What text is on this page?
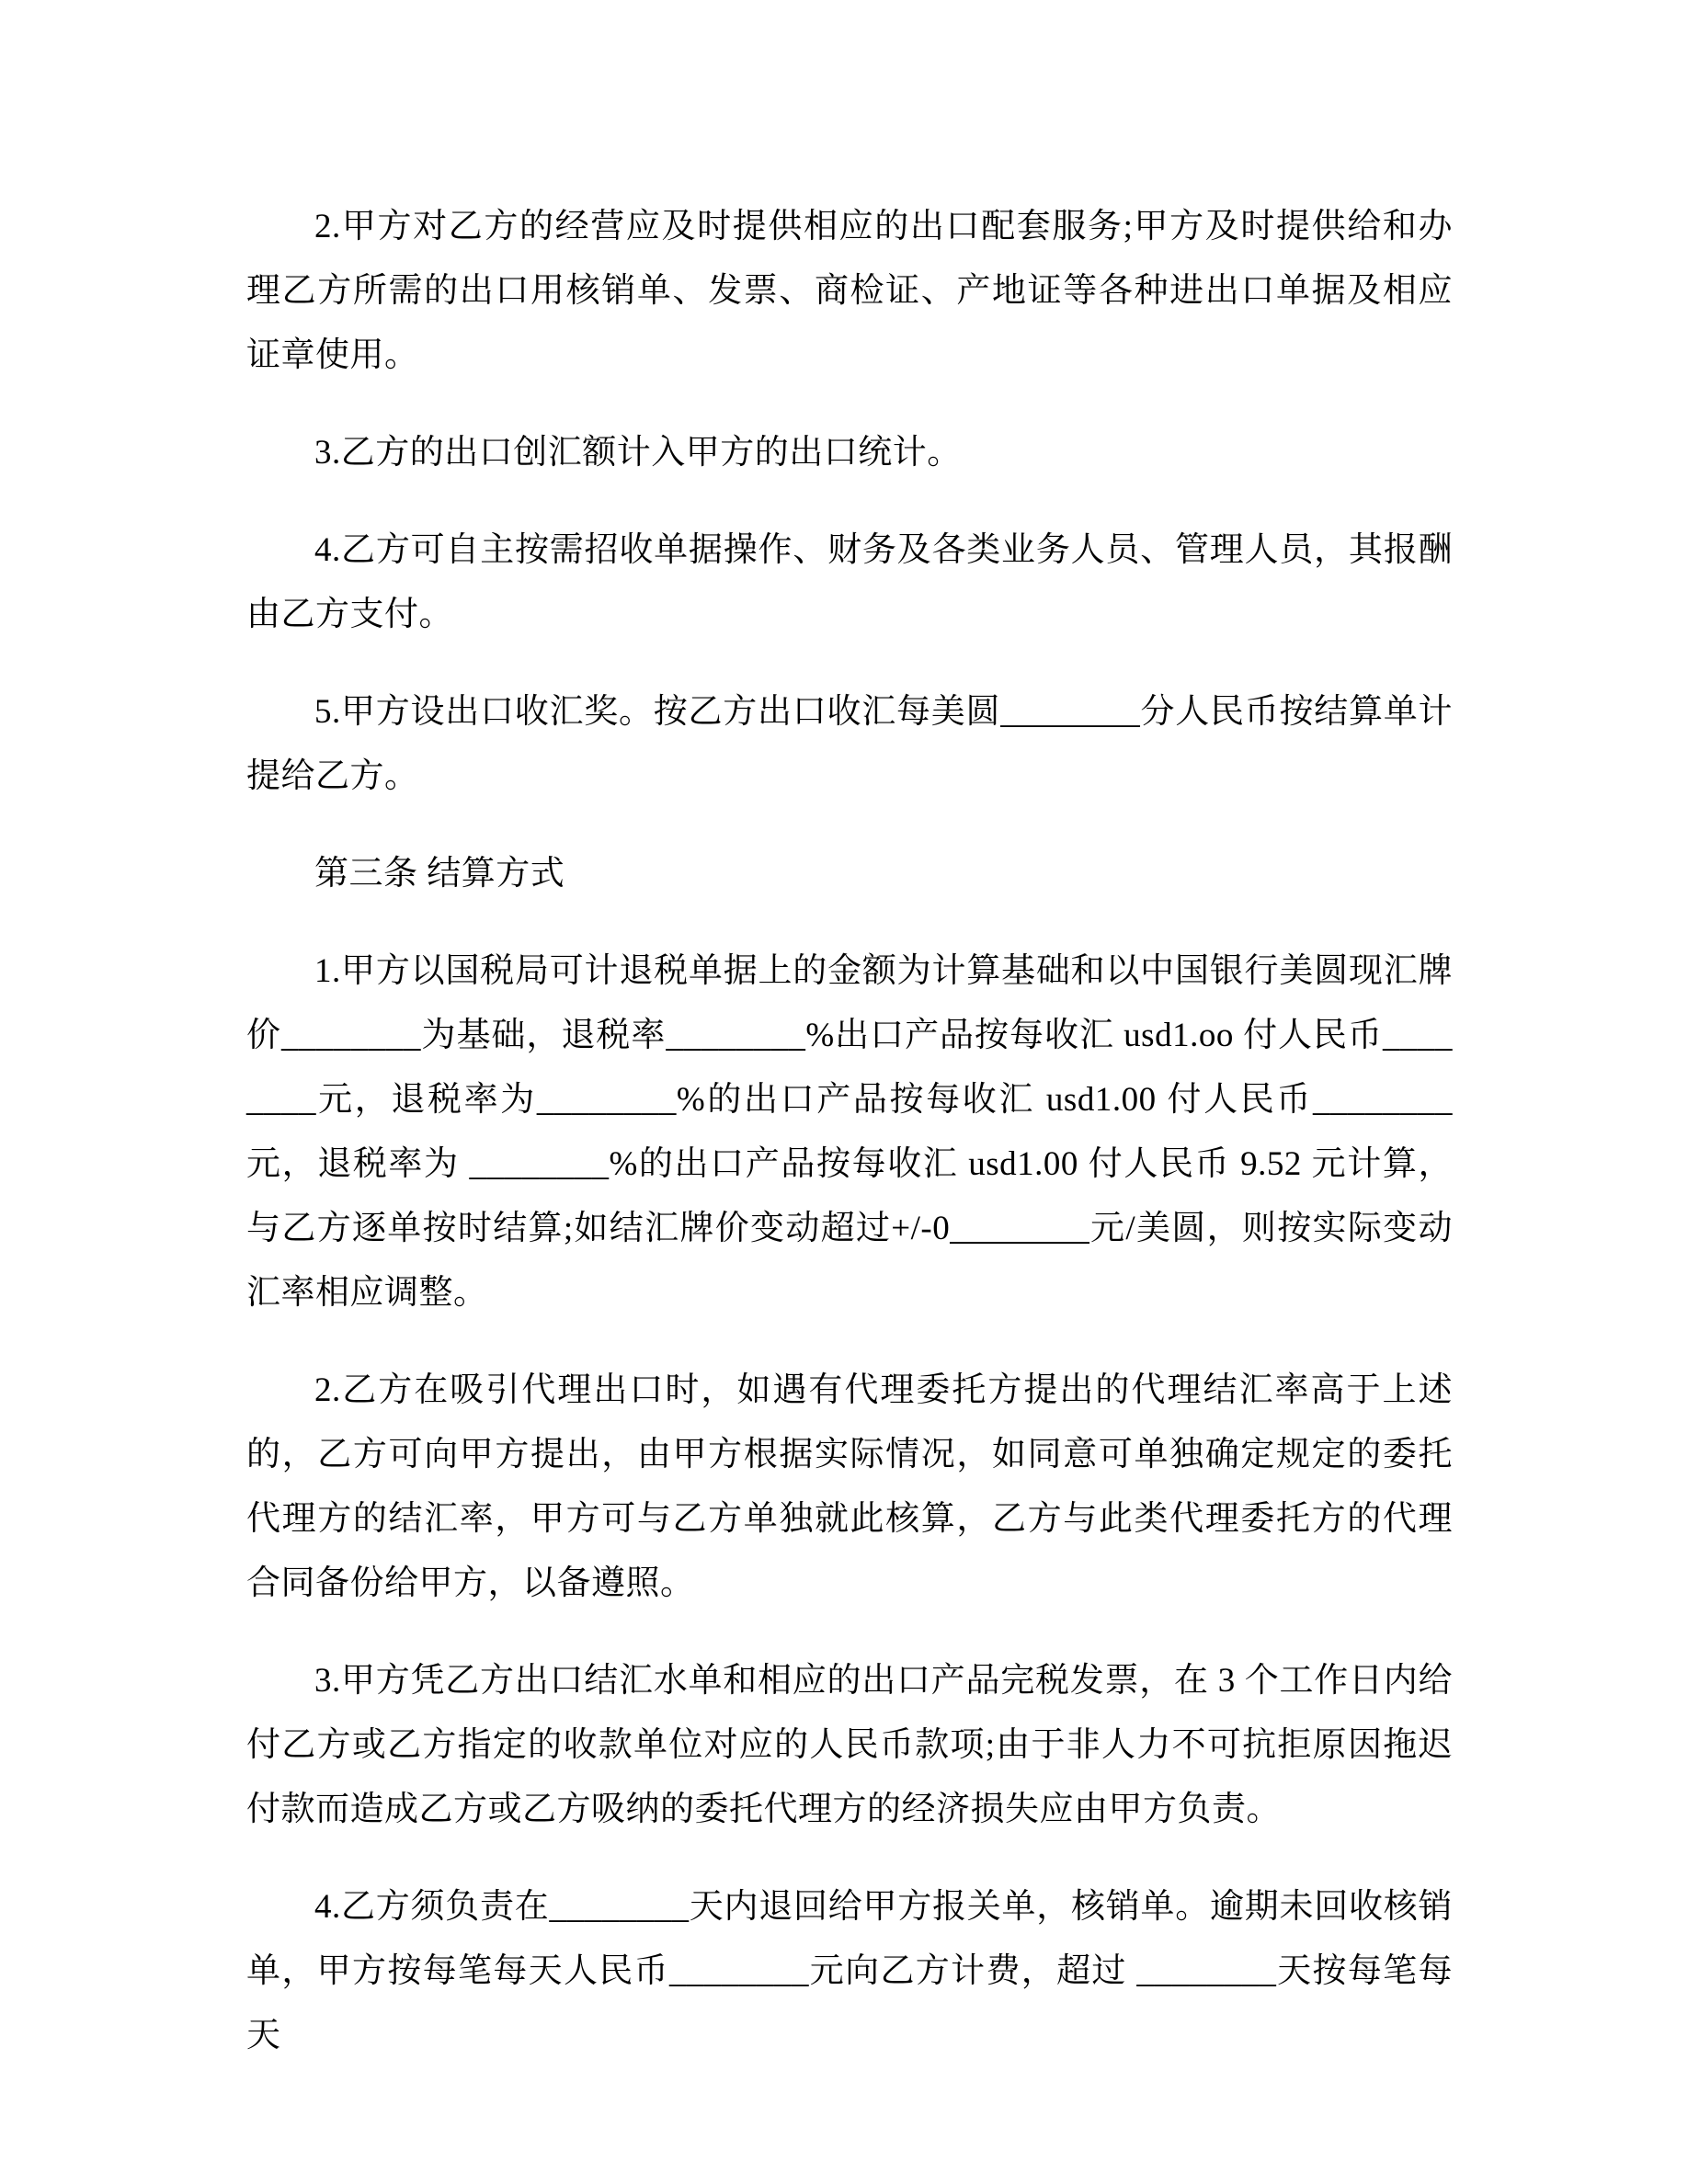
2.甲方对乙方的经营应及时提供相应的出口配套服务;甲方及时提供给和办理乙方所需的出口用核销单、发票、商检证、产地证等各种进出口单据及相应证章使用。

3.乙方的出口创汇额计入甲方的出口统计。

4.乙方可自主按需招收单据操作、财务及各类业务人员、管理人员，其报酬由乙方支付。

5.甲方设出口收汇奖。按乙方出口收汇每美圆________分人民币按结算单计提给乙方。

第三条 结算方式

1.甲方以国税局可计退税单据上的金额为计算基础和以中国银行美圆现汇牌价________为基础，退税率________%出口产品按每收汇 usd1.oo 付人民币________元，退税率为________%的出口产品按每收汇 usd1.00 付人民币________元，退税率为 ________%的出口产品按每收汇 usd1.00 付人民币 9.52 元计算，与乙方逐单按时结算;如结汇牌价变动超过+/-0________元/美圆，则按实际变动汇率相应调整。

2.乙方在吸引代理出口时，如遇有代理委托方提出的代理结汇率高于上述的，乙方可向甲方提出，由甲方根据实际情况，如同意可单独确定规定的委托代理方的结汇率，甲方可与乙方单独就此核算，乙方与此类代理委托方的代理合同备份给甲方，以备遵照。

3.甲方凭乙方出口结汇水单和相应的出口产品完税发票，在 3 个工作日内给付乙方或乙方指定的收款单位对应的人民币款项;由于非人力不可抗拒原因拖迟付款而造成乙方或乙方吸纳的委托代理方的经济损失应由甲方负责。

4.乙方须负责在________天内退回给甲方报关单，核销单。逾期未回收核销单，甲方按每笔每天人民币________元向乙方计费，超过 ________天按每笔每天
